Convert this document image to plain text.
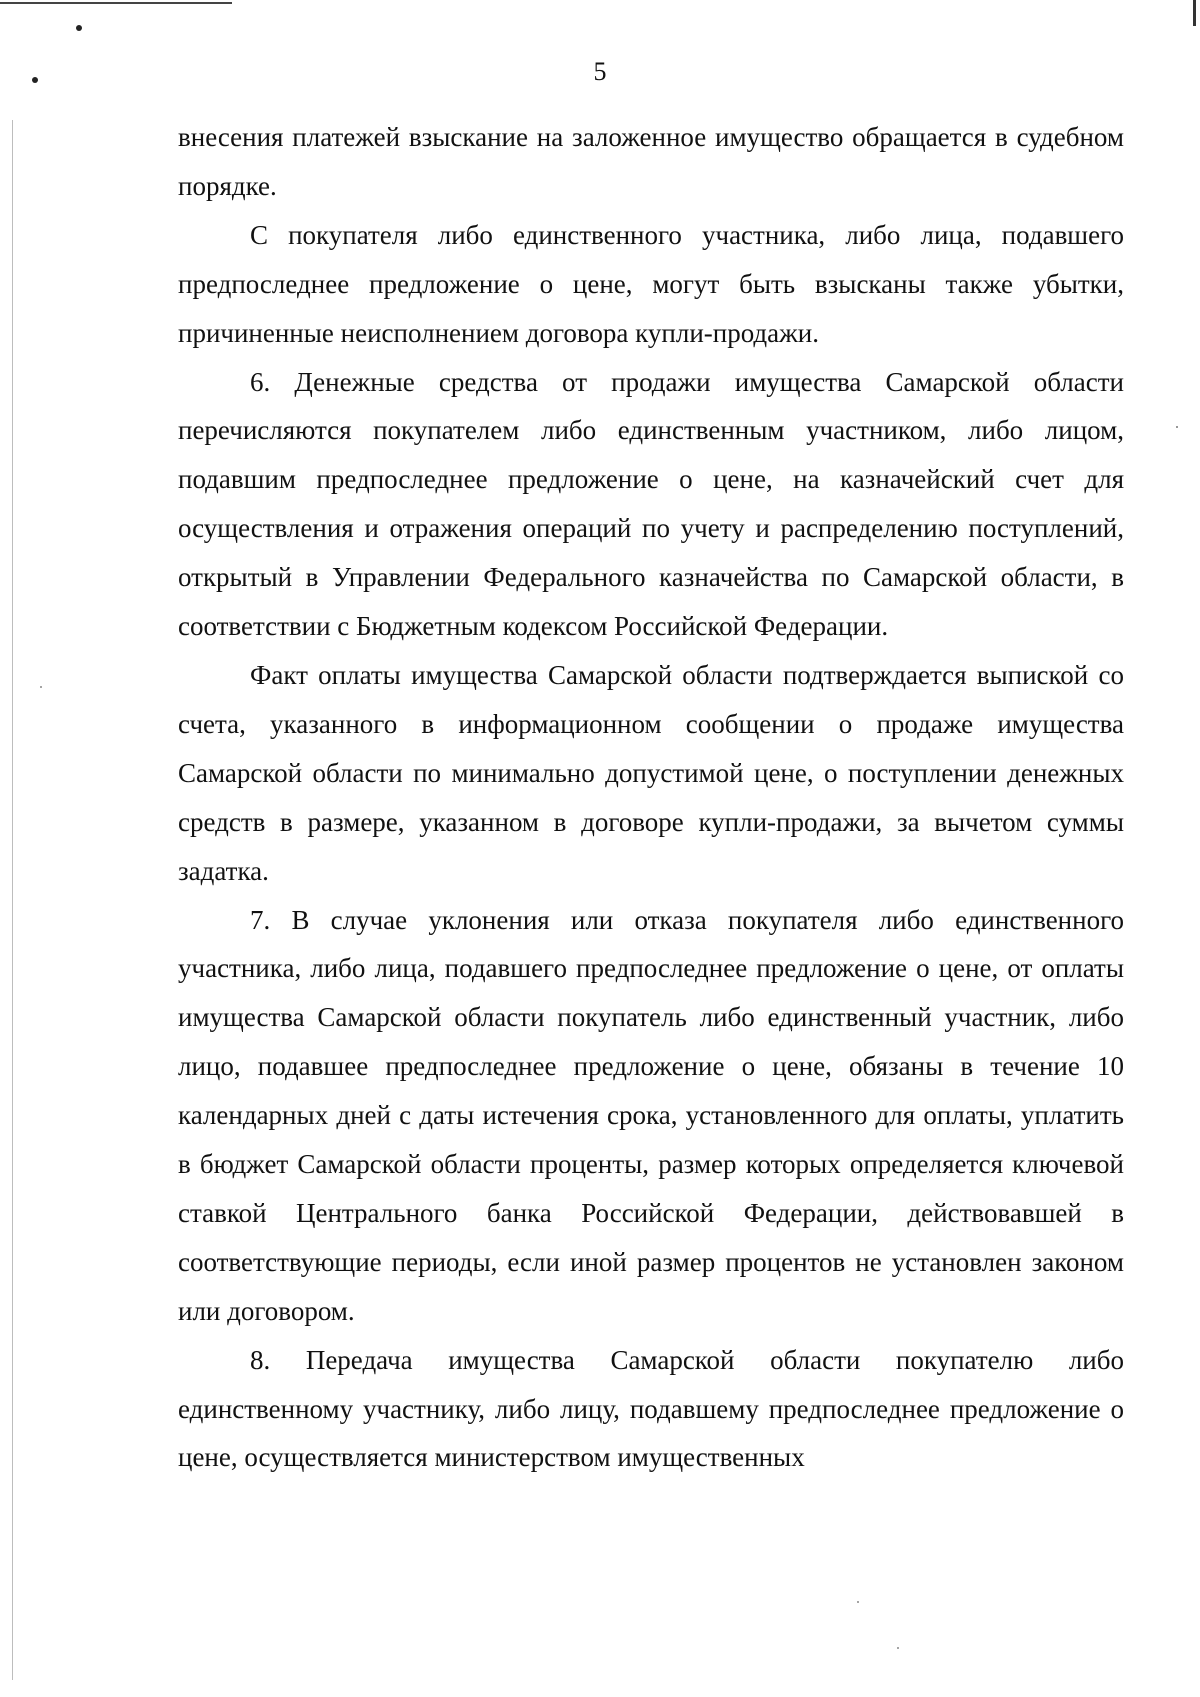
5

внесения платежей взыскание на заложенное имущество обращается в судебном порядке.

С покупателя либо единственного участника, либо лица, подавшего предпоследнее предложение о цене, могут быть взысканы также убытки, причиненные неисполнением договора купли-продажи.

6. Денежные средства от продажи имущества Самарской области перечисляются покупателем либо единственным участником, либо лицом, подавшим предпоследнее предложение о цене, на казначейский счет для осуществления и отражения операций по учету и распределению поступлений, открытый в Управлении Федерального казначейства по Самарской области, в соответствии с Бюджетным кодексом Российской Федерации.

Факт оплаты имущества Самарской области подтверждается выпиской со счета, указанного в информационном сообщении о продаже имущества Самарской области по минимально допустимой цене, о поступлении денежных средств в размере, указанном в договоре купли-продажи, за вычетом суммы задатка.

7. В случае уклонения или отказа покупателя либо единственного участника, либо лица, подавшего предпоследнее предложение о цене, от оплаты имущества Самарской области покупатель либо единственный участник, либо лицо, подавшее предпоследнее предложение о цене, обязаны в течение 10 календарных дней с даты истечения срока, установленного для оплаты, уплатить в бюджет Самарской области проценты, размер которых определяется ключевой ставкой Центрального банка Российской Федерации, действовавшей в соответствующие периоды, если иной размер процентов не установлен законом или договором.

8. Передача имущества Самарской области покупателю либо единственному участнику, либо лицу, подавшему предпоследнее предложение о цене, осуществляется министерством имущественных
